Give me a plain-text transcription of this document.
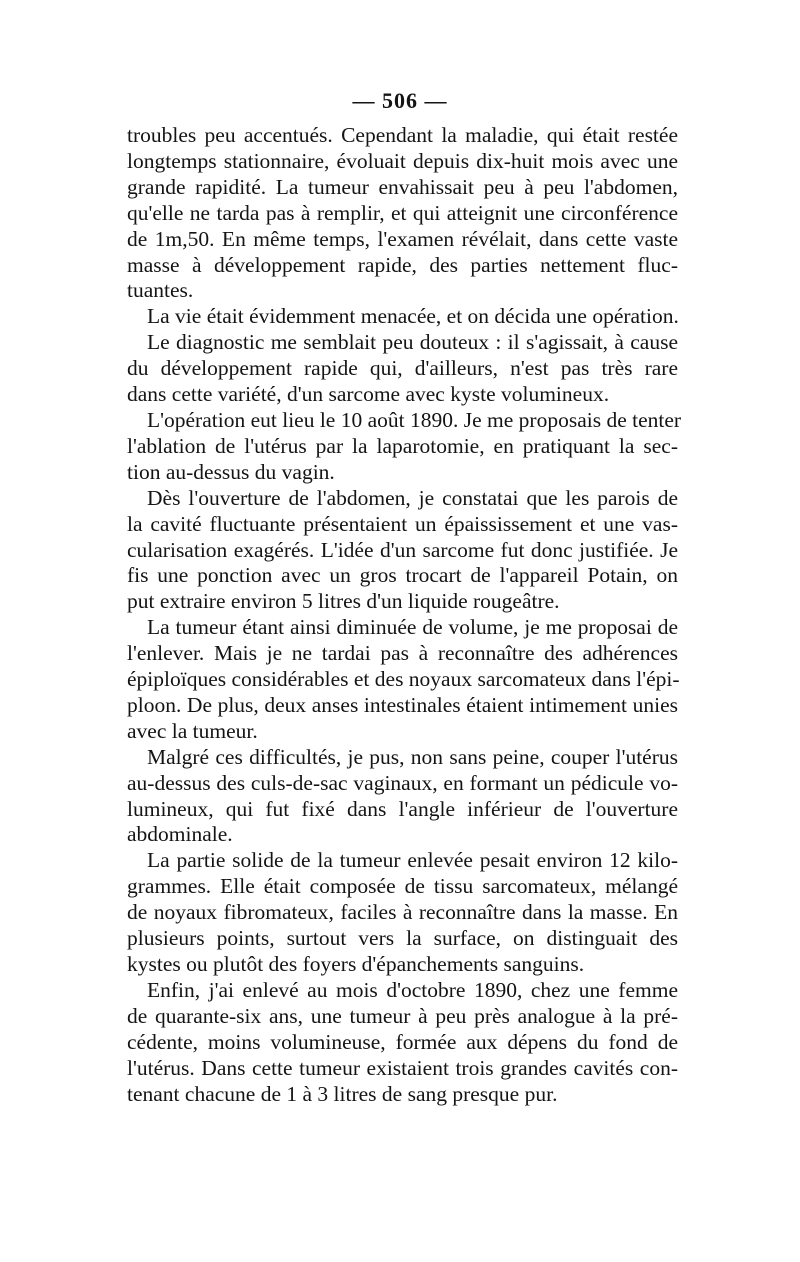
— 506 —
troubles peu accentués. Cependant la maladie, qui était restée
longtemps stationnaire, évoluait depuis dix-huit mois avec une
grande rapidité. La tumeur envahissait peu à peu l'abdomen,
qu'elle ne tarda pas à remplir, et qui atteignit une circonférence
de 1m,50. En même temps, l'examen révélait, dans cette vaste
masse à développement rapide, des parties nettement fluc-
tuantes.
La vie était évidemment menacée, et on décida une opération.
Le diagnostic me semblait peu douteux : il s'agissait, à cause
du développement rapide qui, d'ailleurs, n'est pas très rare
dans cette variété, d'un sarcome avec kyste volumineux.
L'opération eut lieu le 10 août 1890. Je me proposais de tenter
l'ablation de l'utérus par la laparotomie, en pratiquant la sec-
tion au-dessus du vagin.
Dès l'ouverture de l'abdomen, je constatai que les parois de
la cavité fluctuante présentaient un épaississement et une vas-
cularisation exagérés. L'idée d'un sarcome fut donc justifiée. Je
fis une ponction avec un gros trocart de l'appareil Potain, on
put extraire environ 5 litres d'un liquide rougeâtre.
La tumeur étant ainsi diminuée de volume, je me proposai de
l'enlever. Mais je ne tardai pas à reconnaître des adhérences
épiploïques considérables et des noyaux sarcomateux dans l'épi-
ploon. De plus, deux anses intestinales étaient intimement unies
avec la tumeur.
Malgré ces difficultés, je pus, non sans peine, couper l'utérus
au-dessus des culs-de-sac vaginaux, en formant un pédicule vo-
lumineux, qui fut fixé dans l'angle inférieur de l'ouverture
abdominale.
La partie solide de la tumeur enlevée pesait environ 12 kilo-
grammes. Elle était composée de tissu sarcomateux, mélangé
de noyaux fibromateux, faciles à reconnaître dans la masse. En
plusieurs points, surtout vers la surface, on distinguait des
kystes ou plutôt des foyers d'épanchements sanguins.
Enfin, j'ai enlevé au mois d'octobre 1890, chez une femme
de quarante-six ans, une tumeur à peu près analogue à la pré-
cédente, moins volumineuse, formée aux dépens du fond de
l'utérus. Dans cette tumeur existaient trois grandes cavités con-
tenant chacune de 1 à 3 litres de sang presque pur.
